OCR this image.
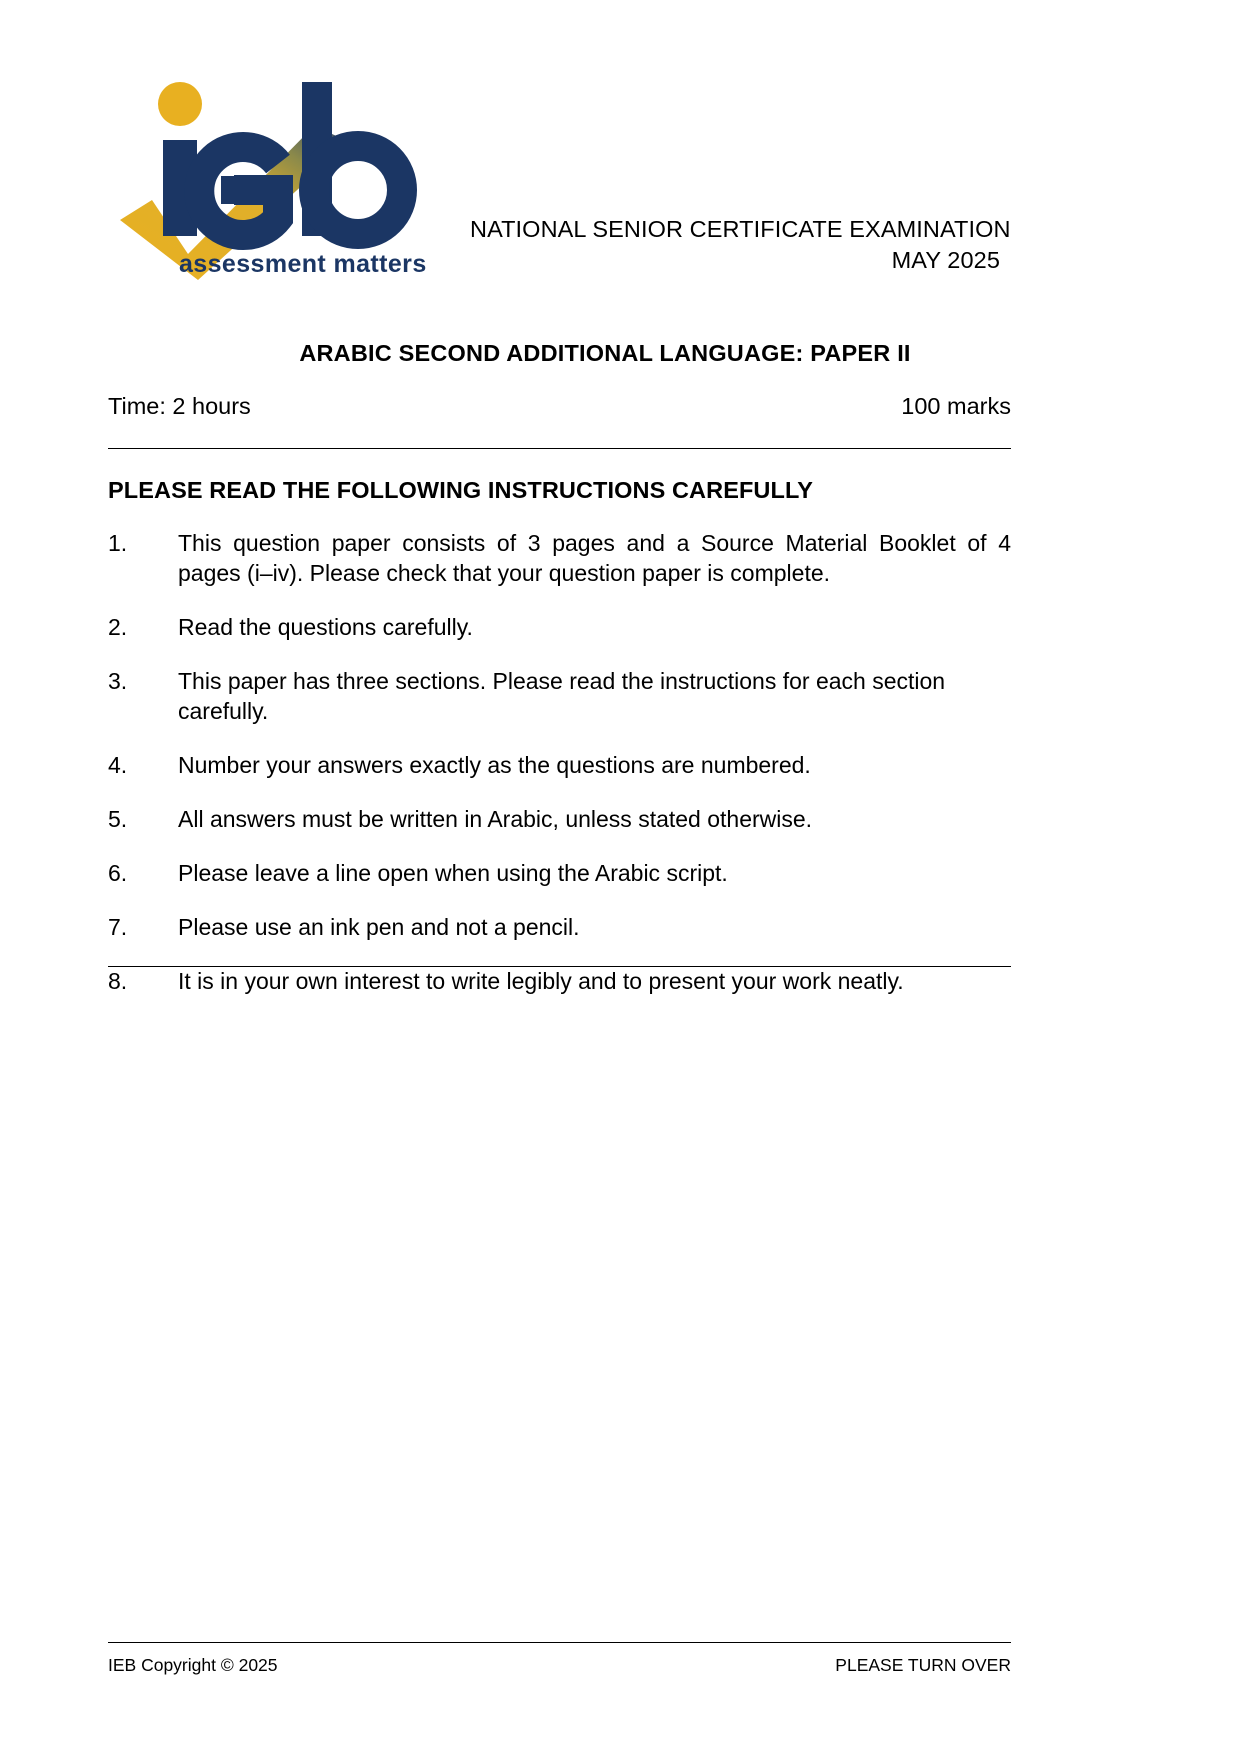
assessment matters
NATIONAL SENIOR CERTIFICATE EXAMINATION
MAY 2025
ARABIC SECOND ADDITIONAL LANGUAGE: PAPER II
Time: 2 hours	100 marks
PLEASE READ THE FOLLOWING INSTRUCTIONS CAREFULLY
1.	This question paper consists of 3 pages and a Source Material Booklet of 4 pages (i–iv). Please check that your question paper is complete.
2.	Read the questions carefully.
3.	This paper has three sections. Please read the instructions for each section carefully.
4.	Number your answers exactly as the questions are numbered.
5.	All answers must be written in Arabic, unless stated otherwise.
6.	Please leave a line open when using the Arabic script.
7.	Please use an ink pen and not a pencil.
8.	It is in your own interest to write legibly and to present your work neatly.
IEB Copyright © 2025	PLEASE TURN OVER
